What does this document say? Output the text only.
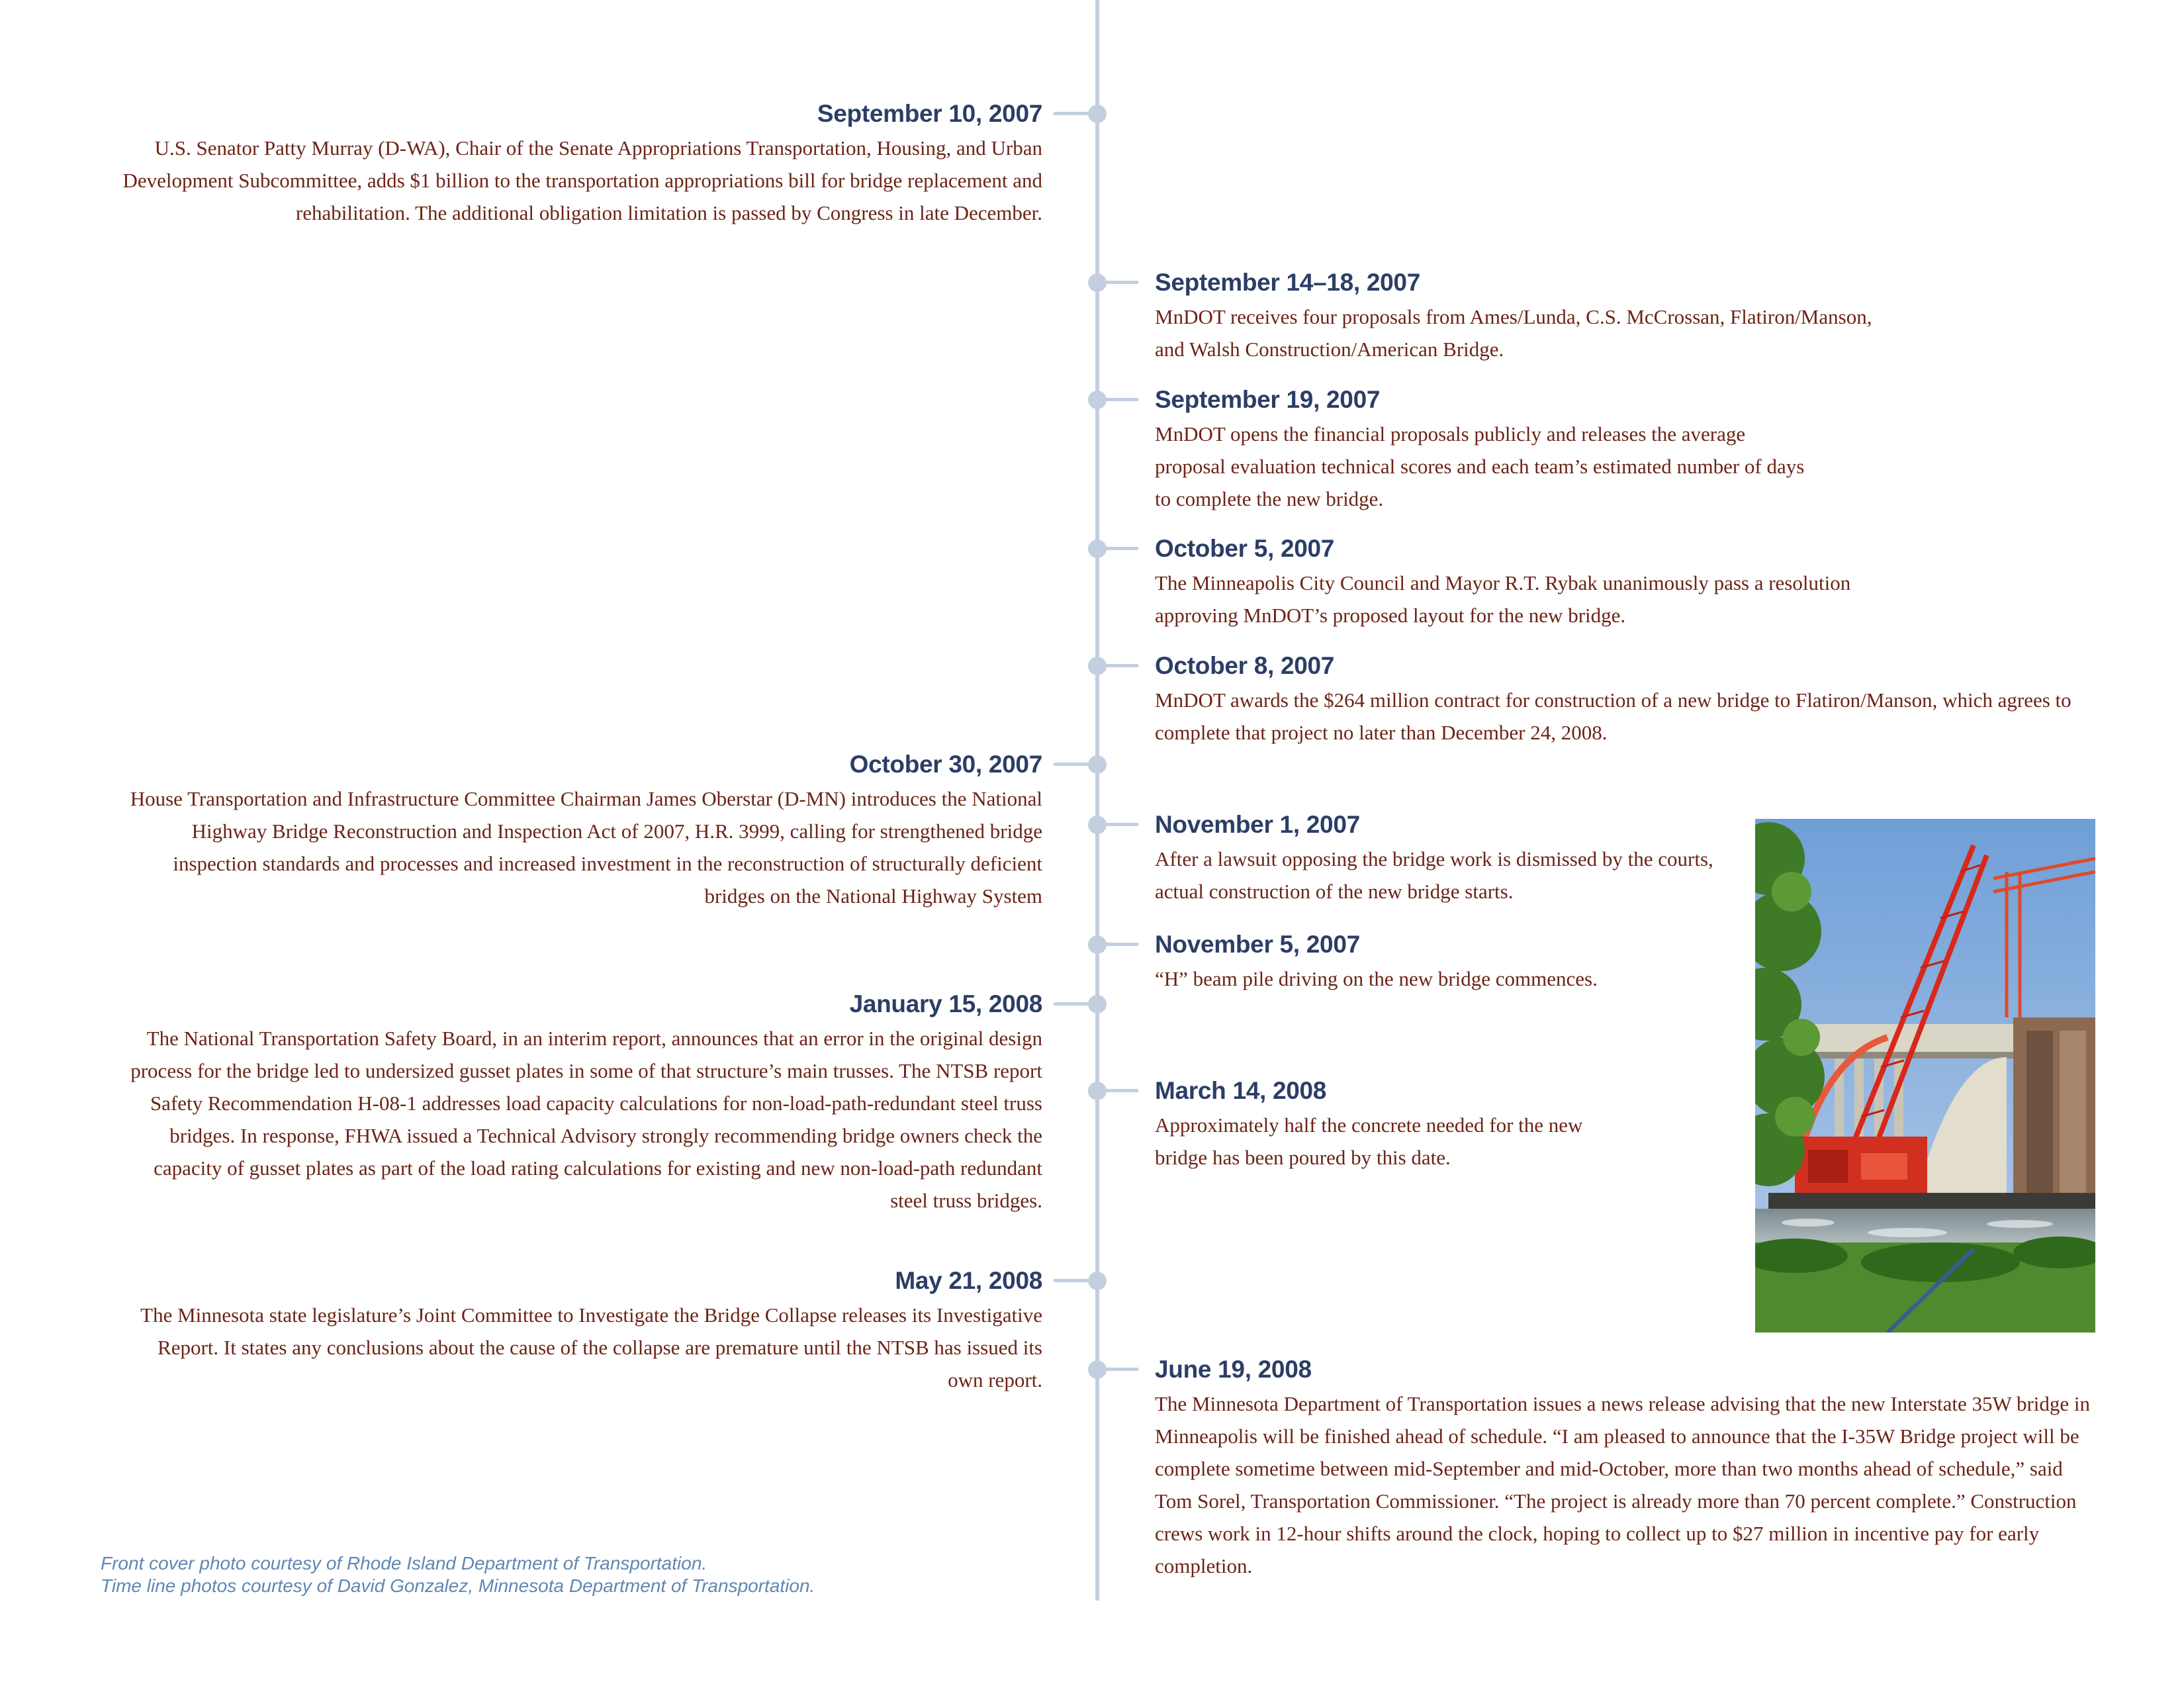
September 10, 2007
U.S. Senator Patty Murray (D-WA), Chair of the Senate Appropriations Transportation, Housing, and Urban Development Subcommittee, adds $1 billion to the transportation appropriations bill for bridge replacement and rehabilitation. The additional obligation limitation is passed by Congress in late December.
October 30, 2007
House Transportation and Infrastructure Committee Chairman James Oberstar (D-MN) introduces the National Highway Bridge Reconstruction and Inspection Act of 2007, H.R. 3999, calling for strengthened bridge inspection standards and processes and increased investment in the reconstruction of structurally deficient bridges on the National Highway System
January 15, 2008
The National Transportation Safety Board, in an interim report, announces that an error in the original design process for the bridge led to undersized gusset plates in some of that structure’s main trusses. The NTSB report Safety Recommendation H-08-1 addresses load capacity calculations for non-load-path-redundant steel truss bridges. In response, FHWA issued a Technical Advisory strongly recommending bridge owners check the capacity of gusset plates as part of the load rating calculations for existing and new non-load-path redundant steel truss bridges.
May 21, 2008
The Minnesota state legislature’s Joint Committee to Investigate the Bridge Collapse releases its Investigative Report. It states any conclusions about the cause of the collapse are premature until the NTSB has issued its own report.
September 14–18, 2007
MnDOT receives four proposals from Ames/Lunda, C.S. McCrossan, Flatiron/Manson, and Walsh Construction/American Bridge.
September 19, 2007
MnDOT opens the financial proposals publicly and releases the average proposal evaluation technical scores and each team’s estimated number of days to complete the new bridge.
October 5, 2007
The Minneapolis City Council and Mayor R.T. Rybak unanimously pass a resolution approving MnDOT’s proposed layout for the new bridge.
October 8, 2007
MnDOT awards the $264 million contract for construction of a new bridge to Flatiron/Manson, which agrees to complete that project no later than December 24, 2008.
November 1, 2007
After a lawsuit opposing the bridge work is dismissed by the courts, actual construction of the new bridge starts.
November 5, 2007
“H” beam pile driving on the new bridge commences.
March 14, 2008
Approximately half the concrete needed for the new bridge has been poured by this date.
June 19, 2008
The Minnesota Department of Transportation issues a news release advising that the new Interstate 35W bridge in Minneapolis will be finished ahead of schedule. “I am pleased to announce that the I-35W Bridge project will be complete sometime between mid-September and mid-October, more than two months ahead of schedule,” said Tom Sorel, Transportation Commissioner. “The project is already more than 70 percent complete.” Construction crews work in 12-hour shifts around the clock, hoping to collect up to $27 million in incentive pay for early completion.
Front cover photo courtesy of Rhode Island Department of Transportation.
Time line photos courtesy of David Gonzalez, Minnesota Department of Transportation.
